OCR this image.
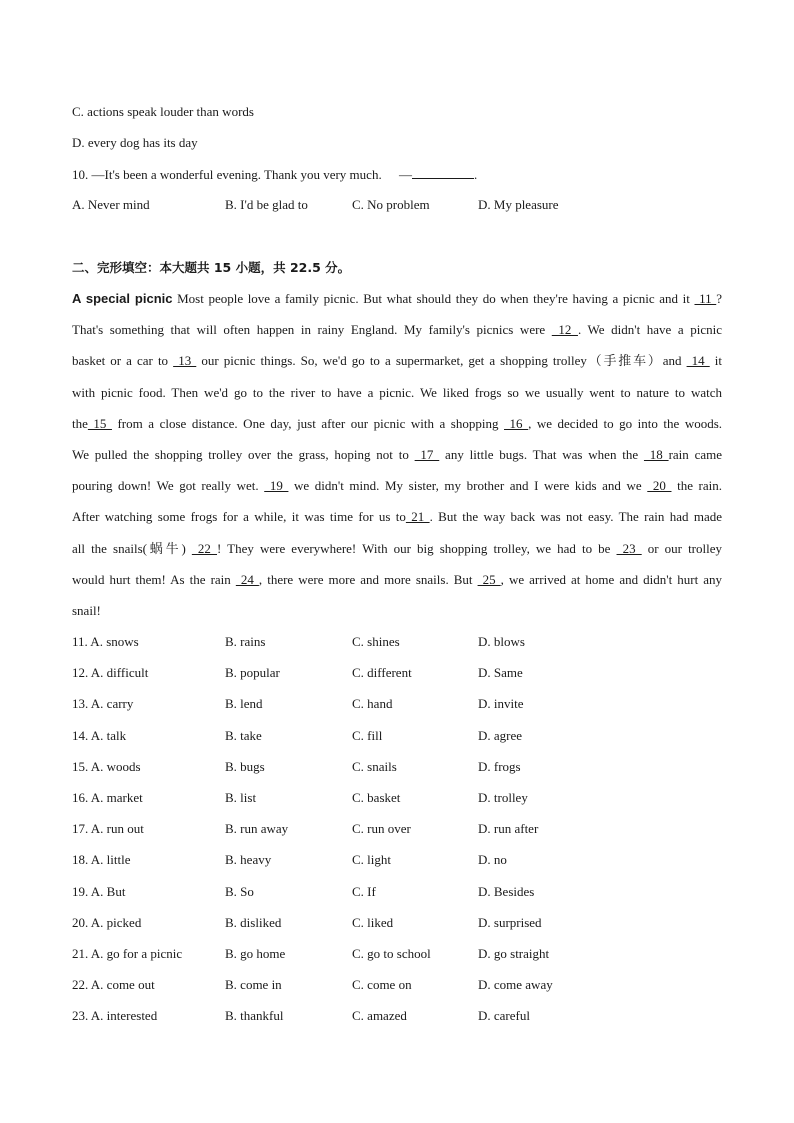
C. actions speak louder than words
D. every dog has its day
10. —It's been a wonderful evening. Thank you very much. —	.
A. Never mind	B. I'd be glad to	C. No problem	D. My pleasure
二、完形填空：本大题共 15 小题，共 22.5 分。
A special picnic Most people love a family picnic. But what should they do when they're having a picnic and it  11 ?
That's something that will often happen in rainy England. My family's picnics were  12 . We didn't have a picnic
basket or a car to  13  our picnic things. So, we'd go to a supermarket, get a shopping trolley（手推车）and  14  it
with picnic food. Then we'd go to the river to have a picnic. We liked frogs so we usually went to nature to watch
the 15  from a close distance. One day, just after our picnic with a shopping  16 , we decided to go into the woods.
We pulled the shopping trolley over the grass, hoping not to  17  any little bugs. That was when the  18 rain came
pouring down! We got really wet.  19  we didn't mind. My sister, my brother and I were kids and we  20  the rain.
After watching some frogs for a while, it was time for us to 21 . But the way back was not easy. The rain had made
all the snails(蜗牛)  22 ! They were everywhere! With our big shopping trolley, we had to be  23  or our trolley
would hurt them! As the rain  24 , there were more and more snails. But  25 , we arrived at home and didn't hurt any
snail!
11. A. snows	B. rains	C. shines	D. blows
12. A. difficult	B. popular	C. different	D. Same
13. A. carry	B. lend	C. hand	D. invite
14. A. talk	B. take	C. fill	D. agree
15. A. woods	B. bugs	C. snails	D. frogs
16. A. market	B. list	C. basket	D. trolley
17. A. run out	B. run away	C. run over	D. run after
18. A. little	B. heavy	C. light	D. no
19. A. But	B. So	C. If	D. Besides
20. A. picked	B. disliked	C. liked	D. surprised
21. A. go for a picnic	B. go home	C. go to school	D. go straight
22. A. come out	B. come in	C. come on	D. come away
23. A. interested	B. thankful	C. amazed	D. careful
